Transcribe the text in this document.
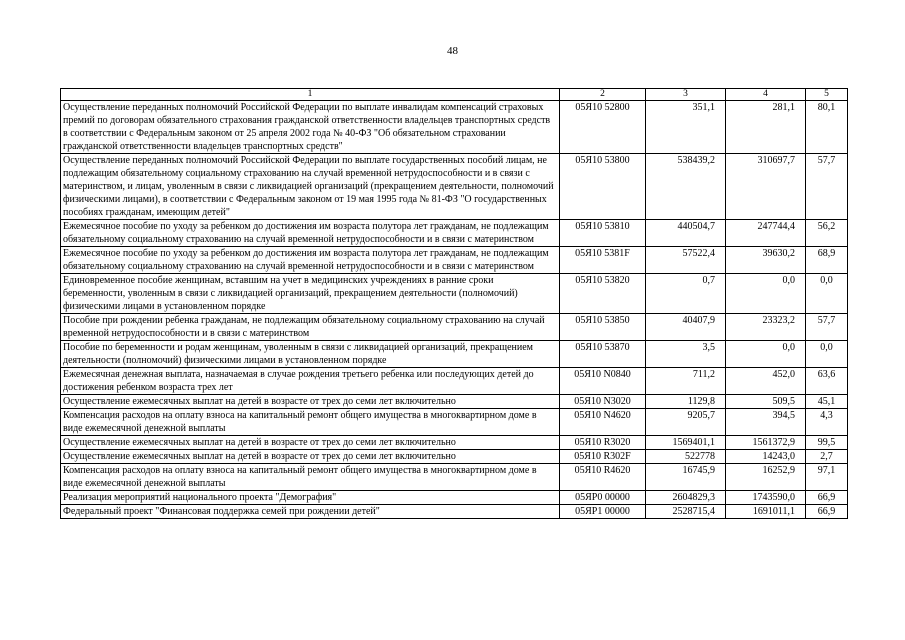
48
1	2	3	4	5
Осуществление переданных полномочий Российской Федерации по выплате инвалидам компенсаций страховых премий по договорам обязательного страхования гражданской ответственности владельцев транспортных средств в соответствии с Федеральным законом от 25 апреля 2002 года № 40-ФЗ "Об обязательном страховании гражданской ответственности владельцев транспортных средств"	05Я10 52800	351,1	281,1	80,1
Осуществление переданных полномочий Российской Федерации по выплате государственных пособий лицам, не подлежащим обязательному социальному страхованию на случай временной нетрудоспособности и в связи с материнством, и лицам, уволенным в связи с ликвидацией организаций (прекращением деятельности, полномочий физическими лицами), в соответствии с Федеральным законом от 19 мая 1995 года № 81-ФЗ "О государственных пособиях гражданам, имеющим детей"	05Я10 53800	538439,2	310697,7	57,7
Ежемесячное пособие по уходу за ребенком до достижения им возраста полутора лет гражданам, не подлежащим обязательному социальному страхованию на случай временной нетрудоспособности и в связи с материнством	05Я10 53810	440504,7	247744,4	56,2
Ежемесячное пособие по уходу за ребенком до достижения им возраста полутора лет гражданам, не подлежащим обязательному социальному страхованию на случай временной нетрудоспособности и в связи с материнством	05Я10 5381F	57522,4	39630,2	68,9
Единовременное пособие женщинам, вставшим на учет в медицинских учреждениях в ранние сроки беременности, уволенным в связи с ликвидацией организаций, прекращением деятельности (полномочий) физическими лицами в установленном порядке	05Я10 53820	0,7	0,0	0,0
Пособие при рождении ребенка гражданам, не подлежащим обязательному социальному страхованию на случай временной нетрудоспособности и в связи с материнством	05Я10 53850	40407,9	23323,2	57,7
Пособие по беременности и родам женщинам, уволенным в связи с ликвидацией организаций, прекращением деятельности (полномочий) физическими лицами в установленном порядке	05Я10 53870	3,5	0,0	0,0
Ежемесячная денежная выплата, назначаемая в случае рождения третьего ребенка или последующих детей до достижения ребенком возраста трех лет	05Я10 N0840	711,2	452,0	63,6
Осуществление ежемесячных выплат на детей в возрасте от трех до семи лет включительно	05Я10 N3020	1129,8	509,5	45,1
Компенсация расходов на оплату взноса на капитальный ремонт общего имущества в многоквартирном доме в виде ежемесячной денежной выплаты	05Я10 N4620	9205,7	394,5	4,3
Осуществление ежемесячных выплат на детей в возрасте от трех до семи лет включительно	05Я10 R3020	1569401,1	1561372,9	99,5
Осуществление ежемесячных выплат на детей в возрасте от трех до семи лет включительно	05Я10 R302F	522778	14243,0	2,7
Компенсация расходов на оплату взноса на капитальный ремонт общего имущества в многоквартирном доме в виде ежемесячной денежной выплаты	05Я10 R4620	16745,9	16252,9	97,1
Реализация мероприятий национального проекта "Демография"	05ЯP0 00000	2604829,3	1743590,0	66,9
Федеральный проект "Финансовая поддержка семей при рождении детей"	05ЯP1 00000	2528715,4	1691011,1	66,9
